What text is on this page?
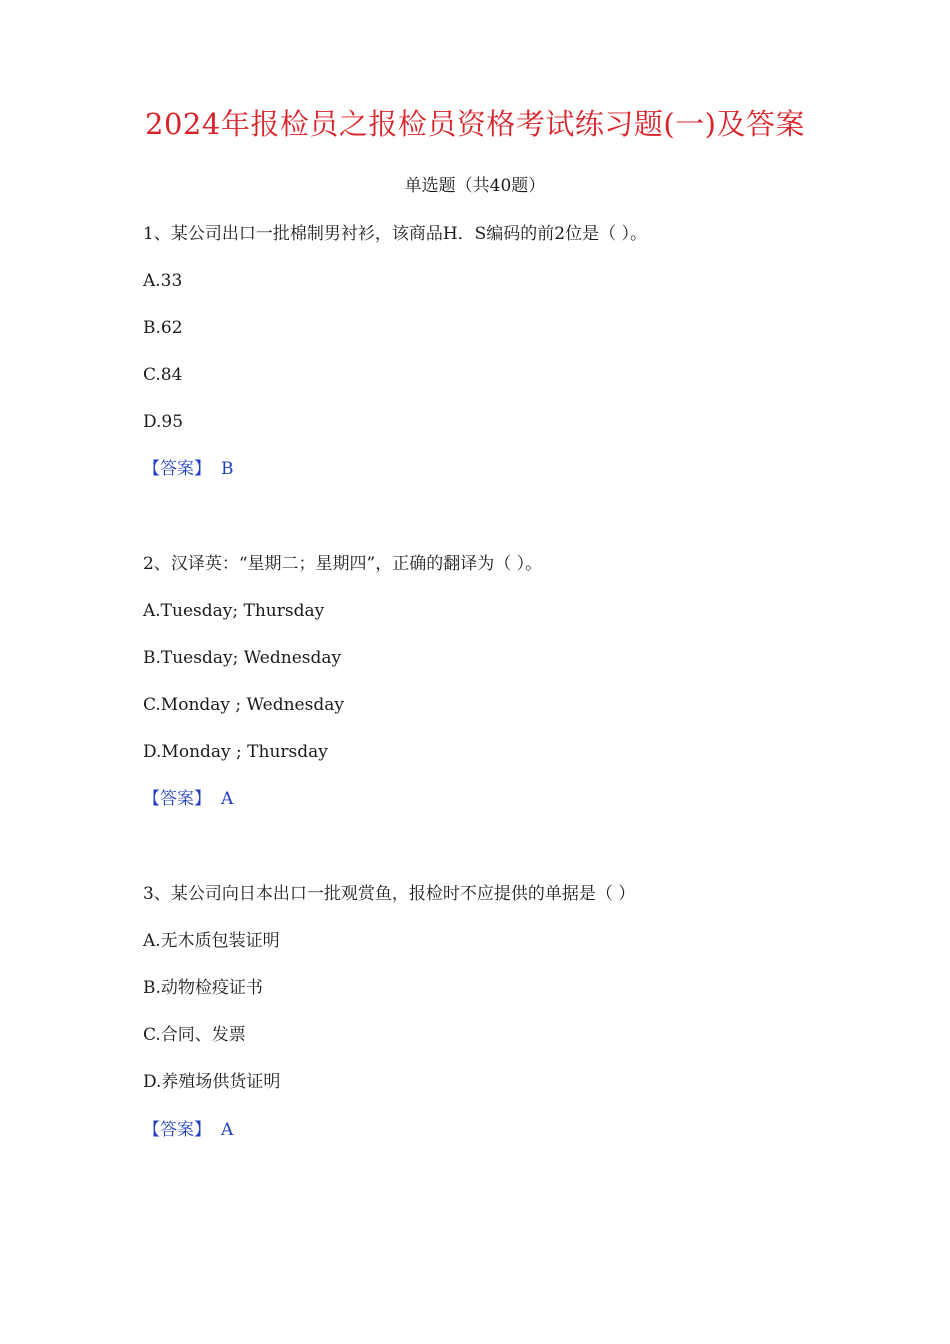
2024年报检员之报检员资格考试练习题(一)及答案
单选题（共40题）
1、某公司出口一批棉制男衬衫，该商品H．S编码的前2位是（ ）。
A.33
B.62
C.84
D.95
【答案】 B
2、汉译英：“星期二；星期四”，正确的翻译为（ ）。
A.Tuesday; Thursday
B.Tuesday; Wednesday
C.Monday ; Wednesday
D.Monday ; Thursday
【答案】 A
3、某公司向日本出口一批观赏鱼，报检时不应提供的单据是（ ）
A.无木质包装证明
B.动物检疫证书
C.合同、发票
D.养殖场供货证明
【答案】 A
